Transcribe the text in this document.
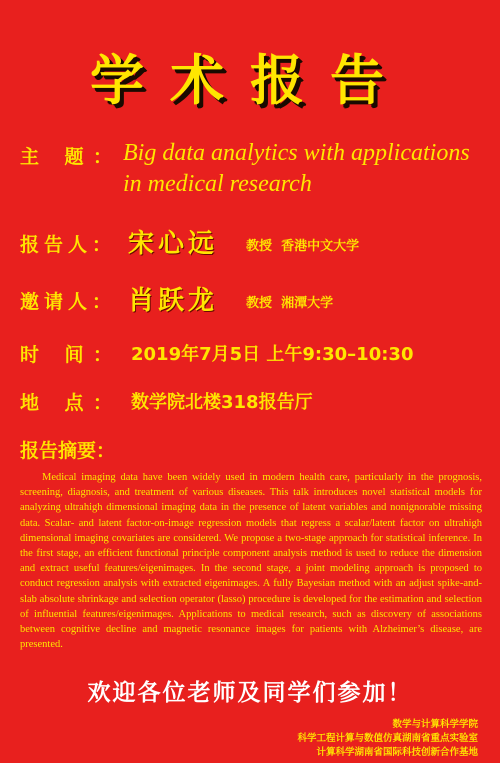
学术报告
主 题： Big data analytics with applications in medical research
报告人： 宋心远 教授 香港中文大学
邀请人： 肖跃龙 教授 湘潭大学
时 间： 2019年7月5日 上午9:30–10:30
地 点： 数学院北楼318报告厅
报告摘要：
Medical imaging data have been widely used in modern health care, particularly in the prognosis, screening, diagnosis, and treatment of various diseases. This talk introduces novel statistical models for analyzing ultrahigh dimensional imaging data in the presence of latent variables and nonignorable missing data. Scalar- and latent factor-on-image regression models that regress a scalar/latent factor on ultrahigh dimensional imaging covariates are considered. We propose a two-stage approach for statistical inference. In the first stage, an efficient functional principle component analysis method is used to reduce the dimension and extract useful features/eigenimages. In the second stage, a joint modeling approach is proposed to conduct regression analysis with extracted eigenimages. A fully Bayesian method with an adjust spike-and-slab absolute shrinkage and selection operator (lasso) procedure is developed for the estimation and selection of influential features/eigenimages. Applications to medical research, such as discovery of associations between cognitive decline and magnetic resonance images for patients with Alzheimer’s disease, are presented.
欢迎各位老师及同学们参加！
数学与计算科学学院
科学工程计算与数值仿真湖南省重点实验室
计算科学湖南省国际科技创新合作基地
